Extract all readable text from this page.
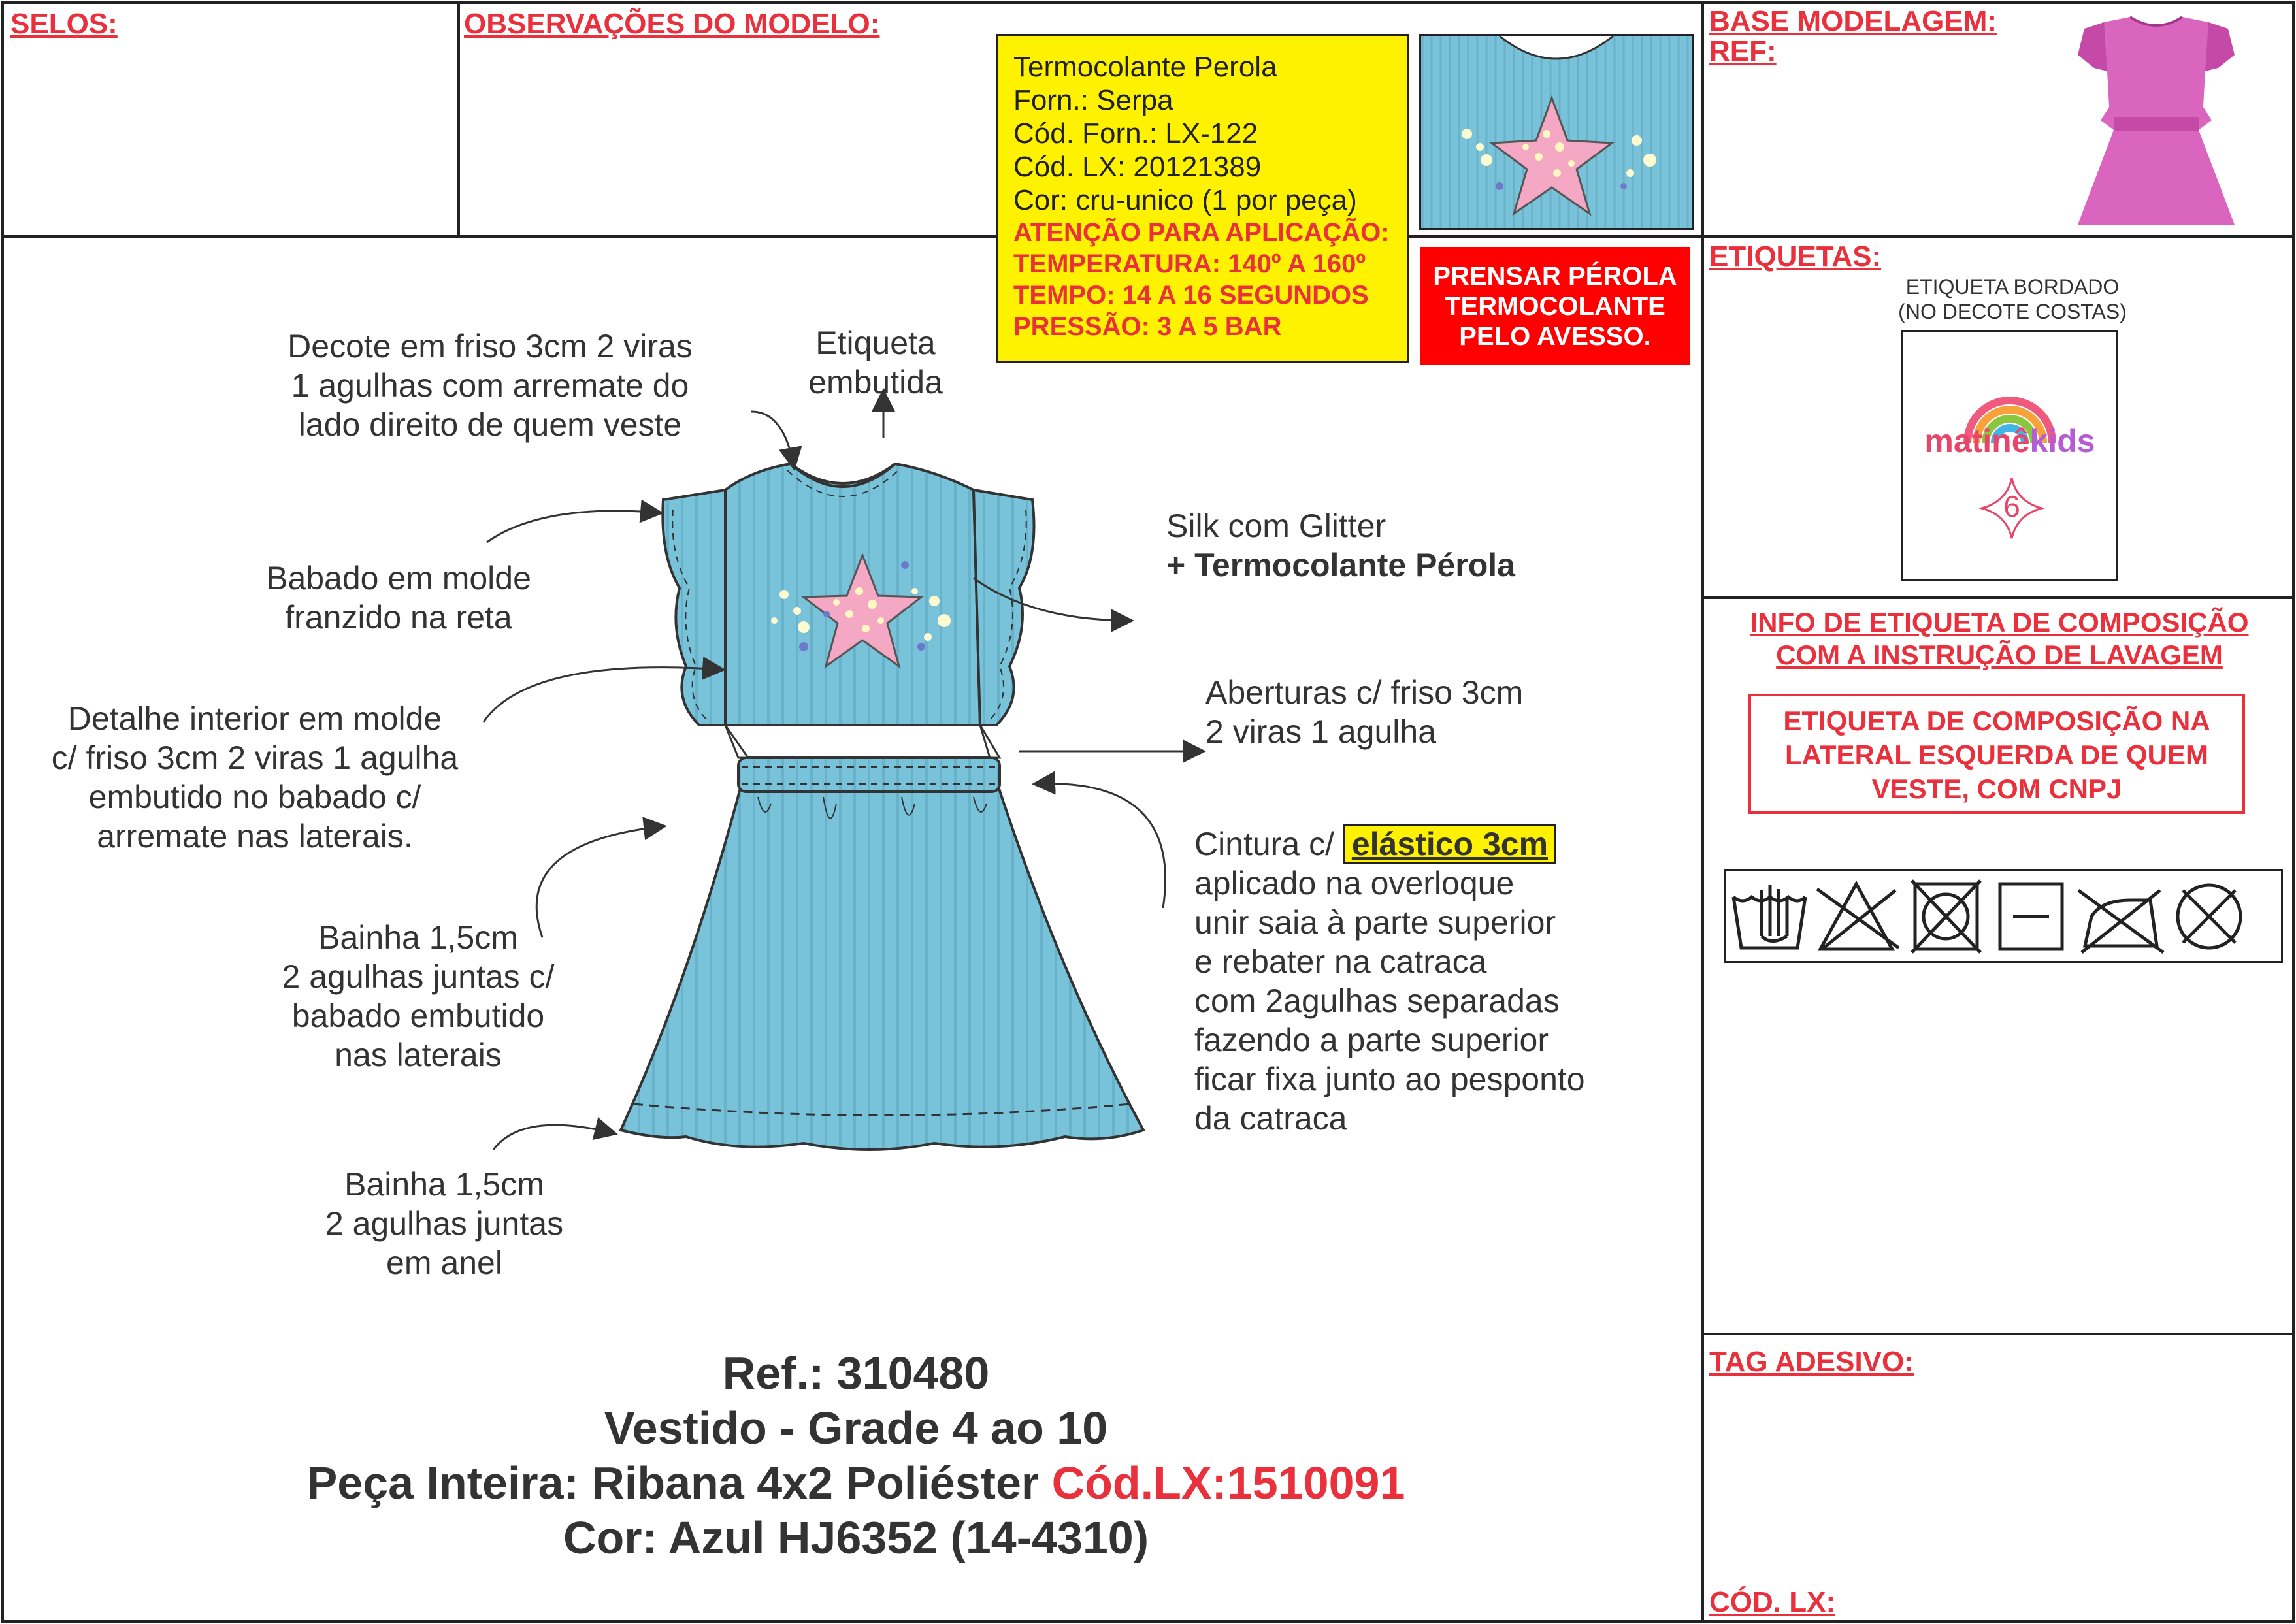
SELOS:	OBSERVAÇÕES DO MODELO:	BASE MODELAGEM:
REF:
Termocolante Perola
Forn.: Serpa
Cód. Forn.: LX-122
Cód. LX: 20121389
Cor: cru-unico (1 por peça)
ATENÇÃO PARA APLICAÇÃO:
TEMPERATURA: 140º A 160º
TEMPO: 14 A 16 SEGUNDOS
PRESSÃO: 3 A 5 BAR
PRENSAR PÉROLA
TERMOCOLANTE
PELO AVESSO.
Decote em friso 3cm 2 viras
1 agulhas com arremate do
lado direito de quem veste
Etiqueta
embutida
Babado em molde
franzido na reta
Silk com Glitter
+ Termocolante Pérola
Detalhe interior em molde
c/ friso 3cm 2 viras 1 agulha
embutido no babado c/
arremate nas laterais.
Aberturas c/ friso 3cm
2 viras 1 agulha
Cintura c/ elástico 3cm
aplicado na overloque
unir saia à parte superior
e rebater na catraca
com 2agulhas separadas
fazendo a parte superior
ficar fixa junto ao pesponto
da catraca
Bainha 1,5cm
2 agulhas juntas c/
babado embutido
nas laterais
Bainha 1,5cm
2 agulhas juntas
em anel
Ref.: 310480
Vestido - Grade 4 ao 10
Peça Inteira: Ribana 4x2 Poliéster Cód.LX:1510091
Cor: Azul HJ6352 (14-4310)
ETIQUETAS:
ETIQUETA BORDADO
(NO DECOTE COSTAS)
matinêkids
6
INFO DE ETIQUETA DE COMPOSIÇÃO
COM A INSTRUÇÃO DE LAVAGEM
ETIQUETA DE COMPOSIÇÃO NA
LATERAL ESQUERDA DE QUEM
VESTE, COM CNPJ
TAG ADESIVO:
CÓD. LX:
